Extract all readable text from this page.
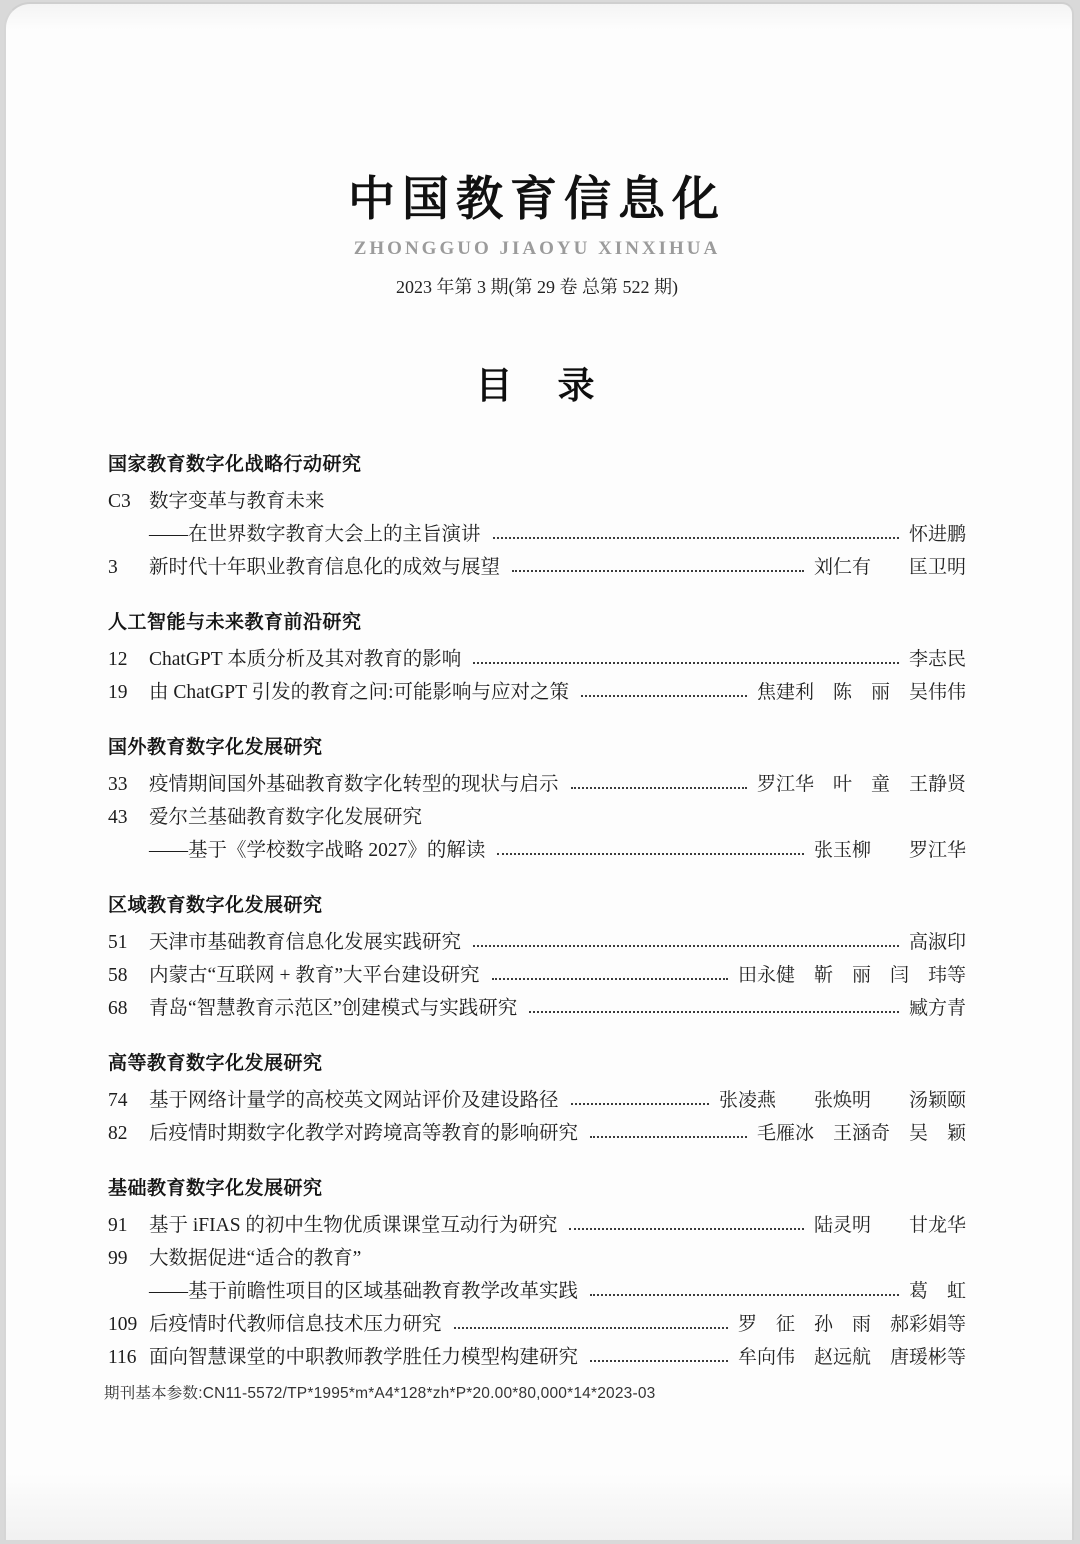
中国教育信息化
ZHONGGUO JIAOYU XINXIHUA
2023 年第 3 期(第 29 卷 总第 522 期)
目　录
国家教育数字化战略行动研究
C3 数字变革与教育未来
——在世界数字教育大会上的主旨演讲	怀进鹏
3	新时代十年职业教育信息化的成效与展望	刘仁有　　匡卫明
人工智能与未来教育前沿研究
12	ChatGPT 本质分析及其对教育的影响	李志民
19	由 ChatGPT 引发的教育之问:可能影响与应对之策	焦建利　陈　丽　吴伟伟
国外教育数字化发展研究
33	疫情期间国外基础教育数字化转型的现状与启示	罗江华　叶　童　王静贤
43	爱尔兰基础教育数字化发展研究
——基于《学校数字战略 2027》的解读	张玉柳　　罗江华
区域教育数字化发展研究
51	天津市基础教育信息化发展实践研究	高淑印
58	内蒙古“互联网 + 教育”大平台建设研究	田永健　靳　丽　闫　玮等
68	青岛“智慧教育示范区”创建模式与实践研究	臧方青
高等教育数字化发展研究
74	基于网络计量学的高校英文网站评价及建设路径	张凌燕　　张焕明　　汤颖颐
82	后疫情时期数字化教学对跨境高等教育的影响研究	毛雁冰　王涵奇　吴　颖
基础教育数字化发展研究
91	基于 iFIAS 的初中生物优质课课堂互动行为研究	陆灵明　　甘龙华
99	大数据促进“适合的教育”
——基于前瞻性项目的区域基础教育教学改革实践	葛　虹
109 后疫情时代教师信息技术压力研究	罗　征　孙　雨　郝彩娟等
116 面向智慧课堂的中职教师教学胜任力模型构建研究	牟向伟　赵远航　唐瑗彬等
期刊基本参数:CN11-5572/TP*1995*m*A4*128*zh*P*20.00*80,000*14*2023-03
